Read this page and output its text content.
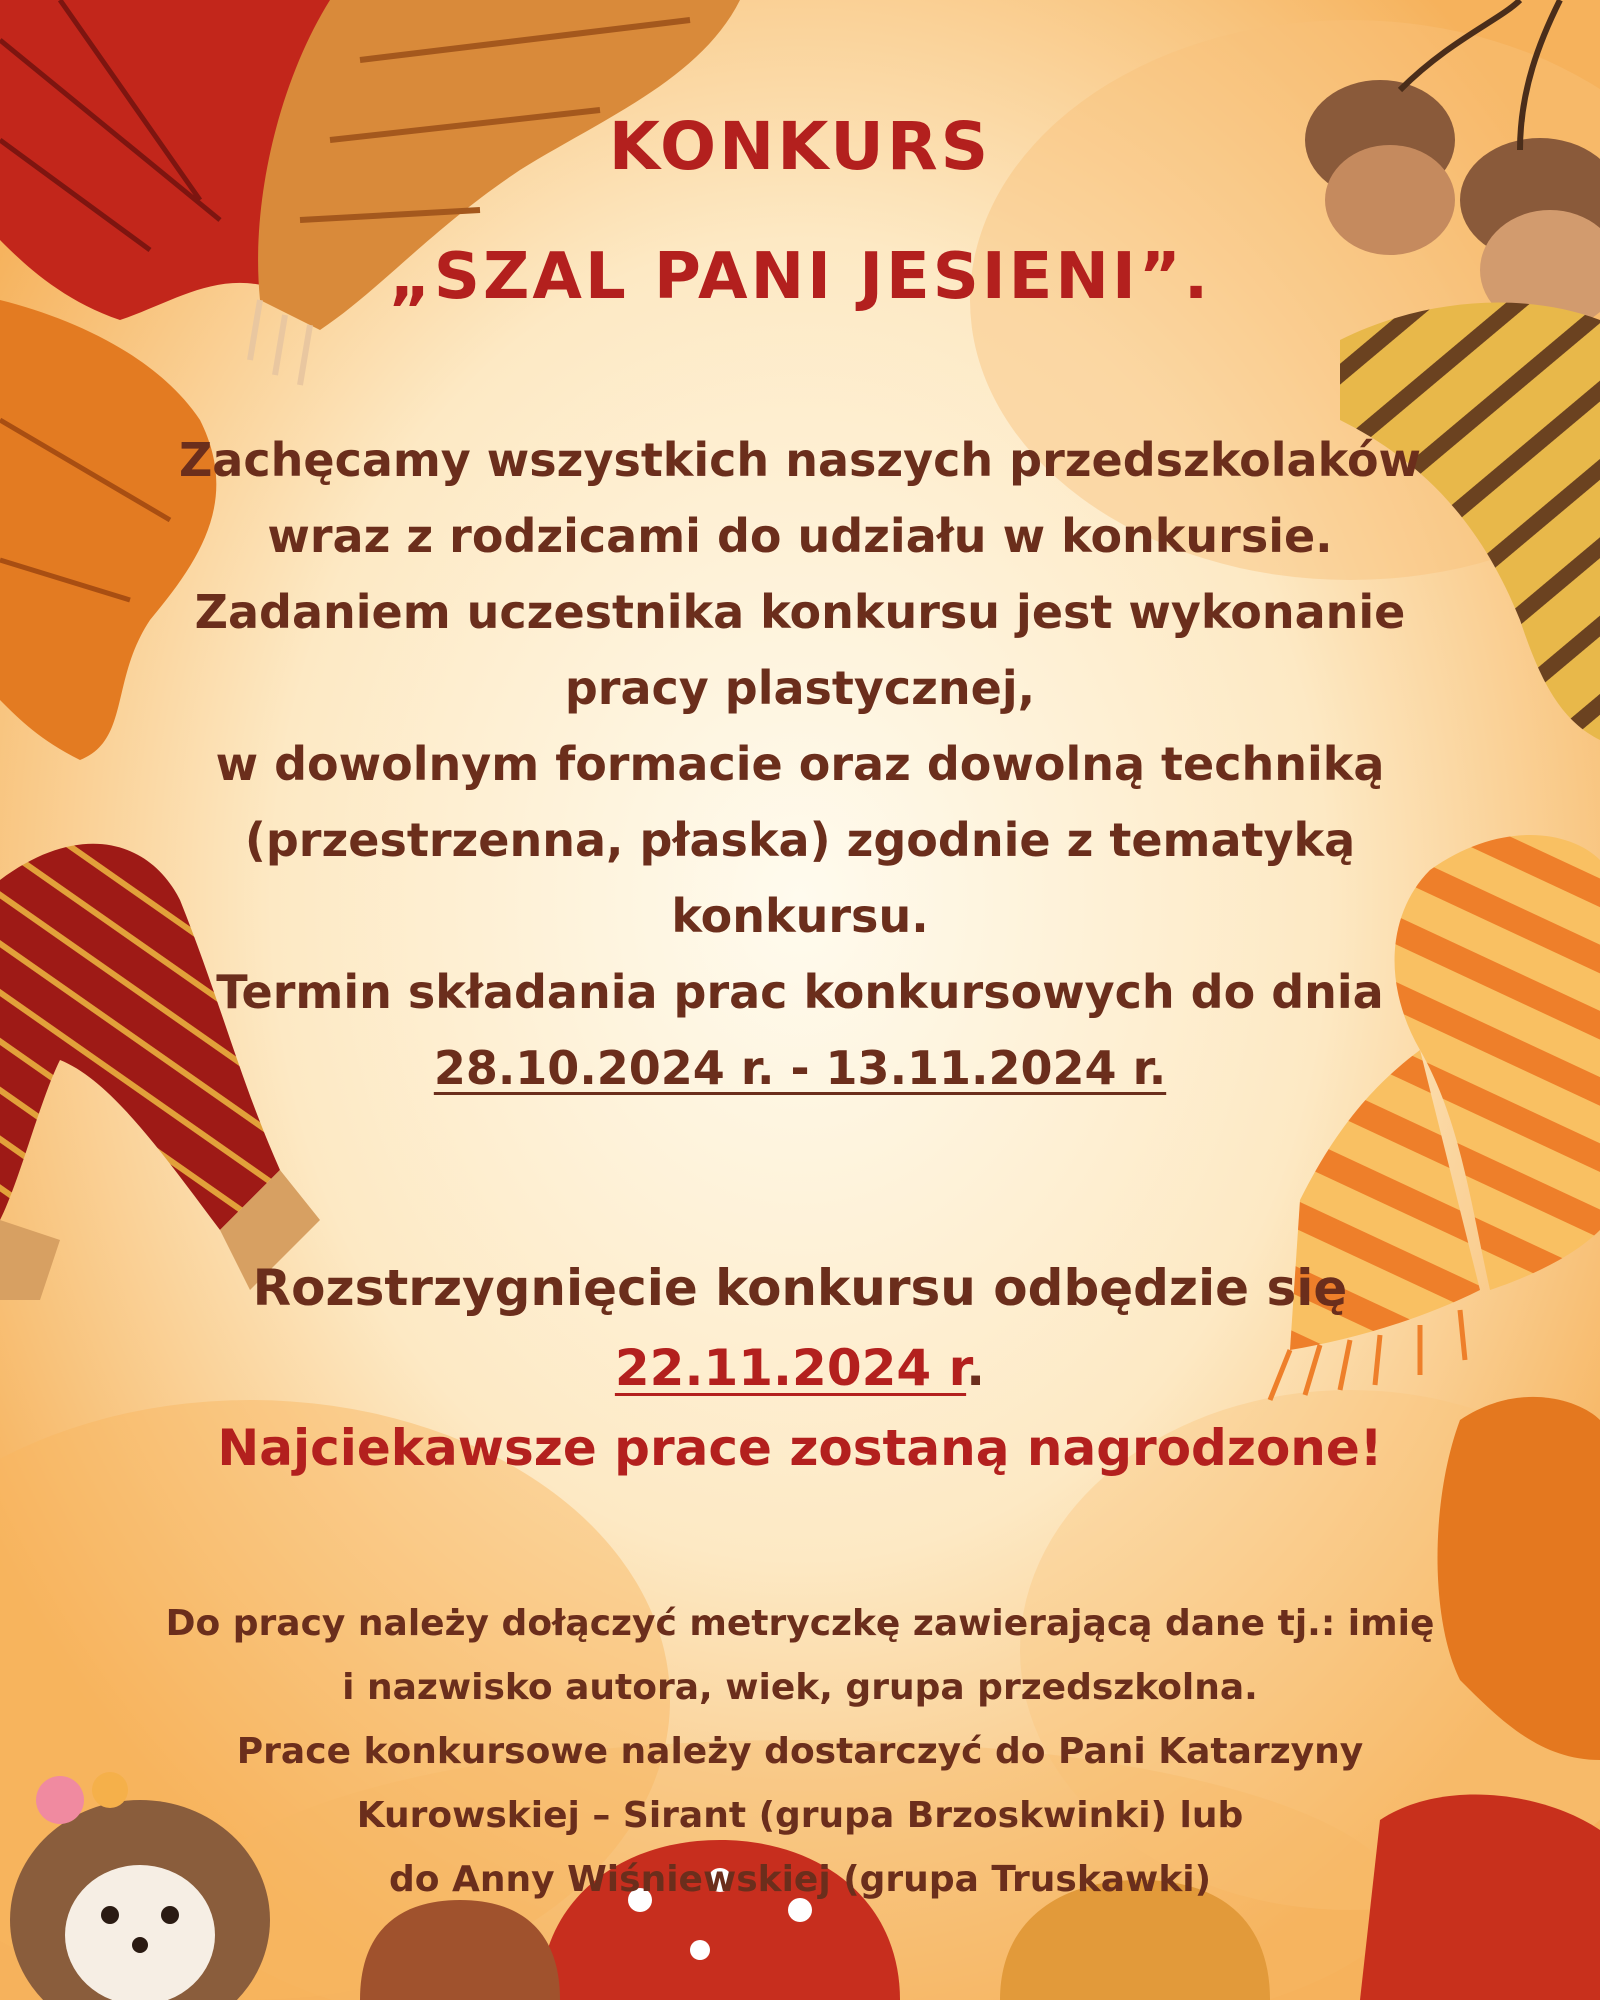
KONKURS
„SZAL PANI JESIENI”.
Zachęcamy wszystkich naszych przedszkolaków
wraz z rodzicami do udziału w konkursie.
Zadaniem uczestnika konkursu jest wykonanie
pracy plastycznej,
w dowolnym formacie oraz dowolną techniką
(przestrzenna, płaska) zgodnie z tematyką
konkursu.
Termin składania prac konkursowych do dnia
28.10.2024 r. - 13.11.2024 r.
Rozstrzygnięcie konkursu odbędzie się
22.11.2024 r.
Najciekawsze prace zostaną nagrodzone!
Do pracy należy dołączyć metryczkę zawierającą dane tj.: imię
i nazwisko autora, wiek, grupa przedszkolna.
Prace konkursowe należy dostarczyć do Pani Katarzyny
Kurowskiej – Sirant (grupa Brzoskwinki) lub
do Anny Wiśniewskiej (grupa Truskawki)
